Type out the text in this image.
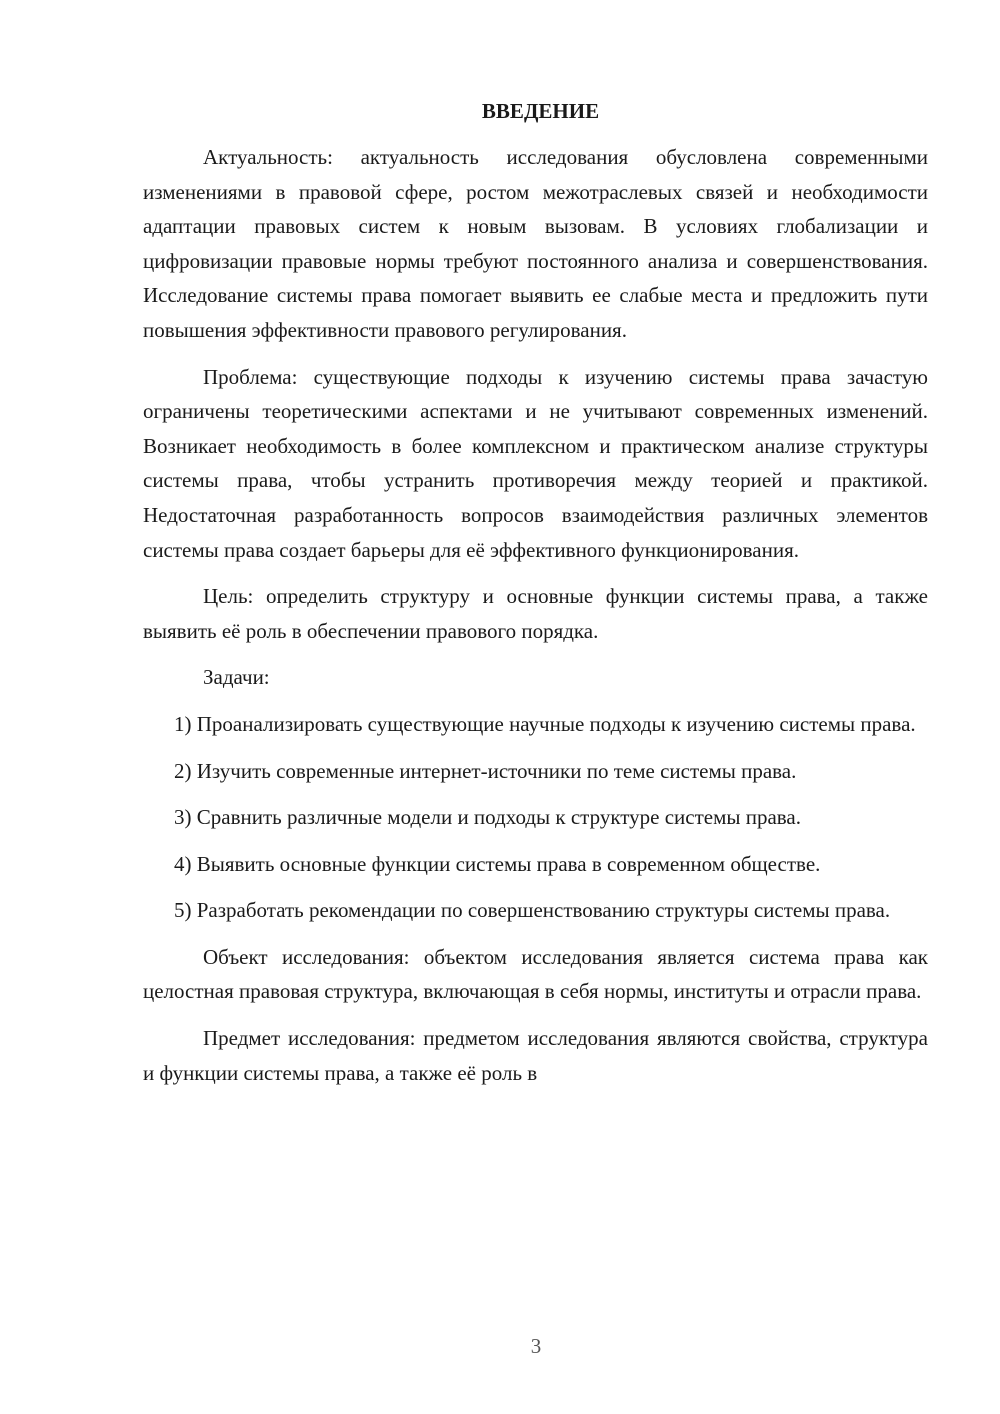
ВВЕДЕНИЕ

Актуальность: актуальность исследования обусловлена современными изменениями в правовой сфере, ростом межотраслевых связей и необходимости адаптации правовых систем к новым вызовам. В условиях глобализации и цифровизации правовые нормы требуют постоянного анализа и совершенствования. Исследование системы права помогает выявить ее слабые места и предложить пути повышения эффективности правового регулирования.

Проблема: существующие подходы к изучению системы права зачастую ограничены теоретическими аспектами и не учитывают современных изменений. Возникает необходимость в более комплексном и практическом анализе структуры системы права, чтобы устранить противоречия между теорией и практикой. Недостаточная разработанность вопросов взаимодействия различных элементов системы права создает барьеры для её эффективного функционирования.

Цель: определить структуру и основные функции системы права, а также выявить её роль в обеспечении правового порядка.

Задачи:

1) Проанализировать существующие научные подходы к изучению системы права.

2) Изучить современные интернет-источники по теме системы права.

3) Сравнить различные модели и подходы к структуре системы права.

4) Выявить основные функции системы права в современном обществе.

5) Разработать рекомендации по совершенствованию структуры системы права.

Объект исследования: объектом исследования является система права как целостная правовая структура, включающая в себя нормы, институты и отрасли права.

Предмет исследования: предметом исследования являются свойства, структура и функции системы права, а также её роль в

3
